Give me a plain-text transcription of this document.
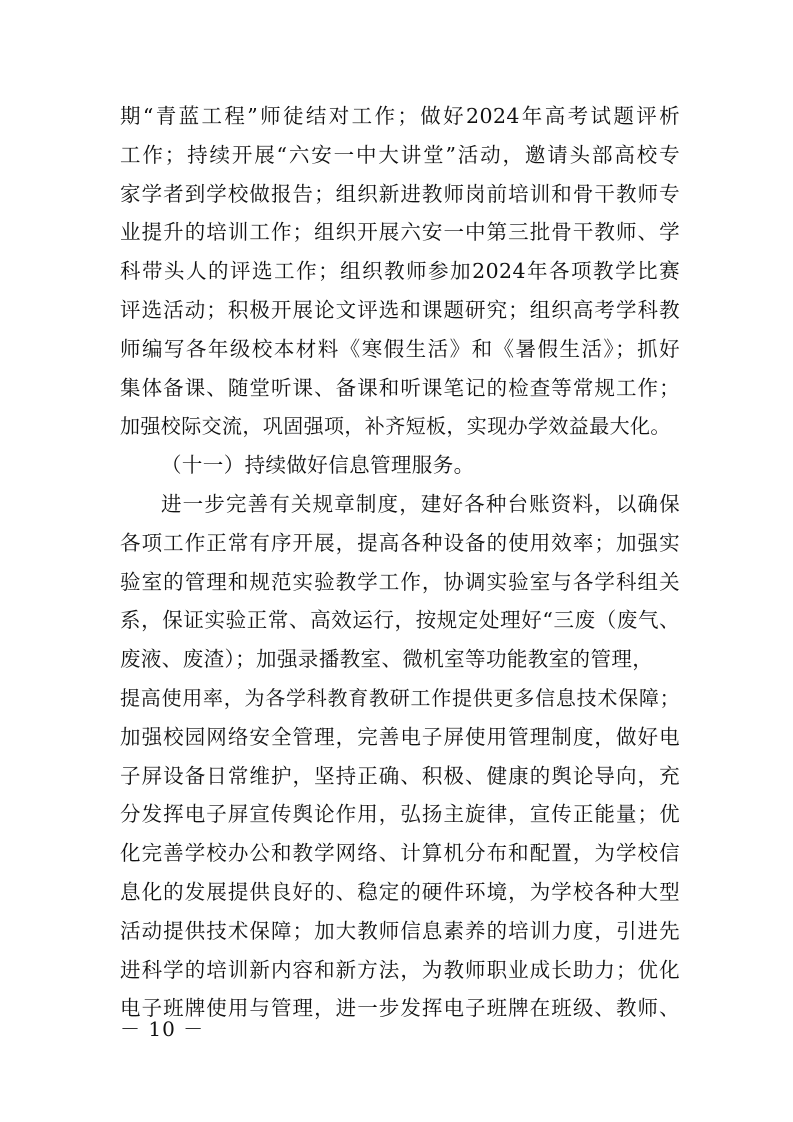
期“青蓝工程”师徒结对工作；做好2024年高考试题评析
工作；持续开展“六安一中大讲堂”活动，邀请头部高校专
家学者到学校做报告；组织新进教师岗前培训和骨干教师专
业提升的培训工作；组织开展六安一中第三批骨干教师、学
科带头人的评选工作；组织教师参加2024年各项教学比赛
评选活动；积极开展论文评选和课题研究；组织高考学科教
师编写各年级校本材料《寒假生活》和《暑假生活》；抓好
集体备课、随堂听课、备课和听课笔记的检查等常规工作；
加强校际交流，巩固强项，补齐短板，实现办学效益最大化。
（十一）持续做好信息管理服务。
进一步完善有关规章制度，建好各种台账资料，以确保
各项工作正常有序开展，提高各种设备的使用效率；加强实
验室的管理和规范实验教学工作，协调实验室与各学科组关
系，保证实验正常、高效运行，按规定处理好“三废（废气、
废液、废渣）；加强录播教室、微机室等功能教室的管理，
提高使用率，为各学科教育教研工作提供更多信息技术保障；
加强校园网络安全管理，完善电子屏使用管理制度，做好电
子屏设备日常维护，坚持正确、积极、健康的舆论导向，充
分发挥电子屏宣传舆论作用，弘扬主旋律，宣传正能量；优
化完善学校办公和教学网络、计算机分布和配置，为学校信
息化的发展提供良好的、稳定的硬件环境，为学校各种大型
活动提供技术保障；加大教师信息素养的培训力度，引进先
进科学的培训新内容和新方法，为教师职业成长助力；优化
电子班牌使用与管理，进一步发挥电子班牌在班级、教师、
－ 10 －
